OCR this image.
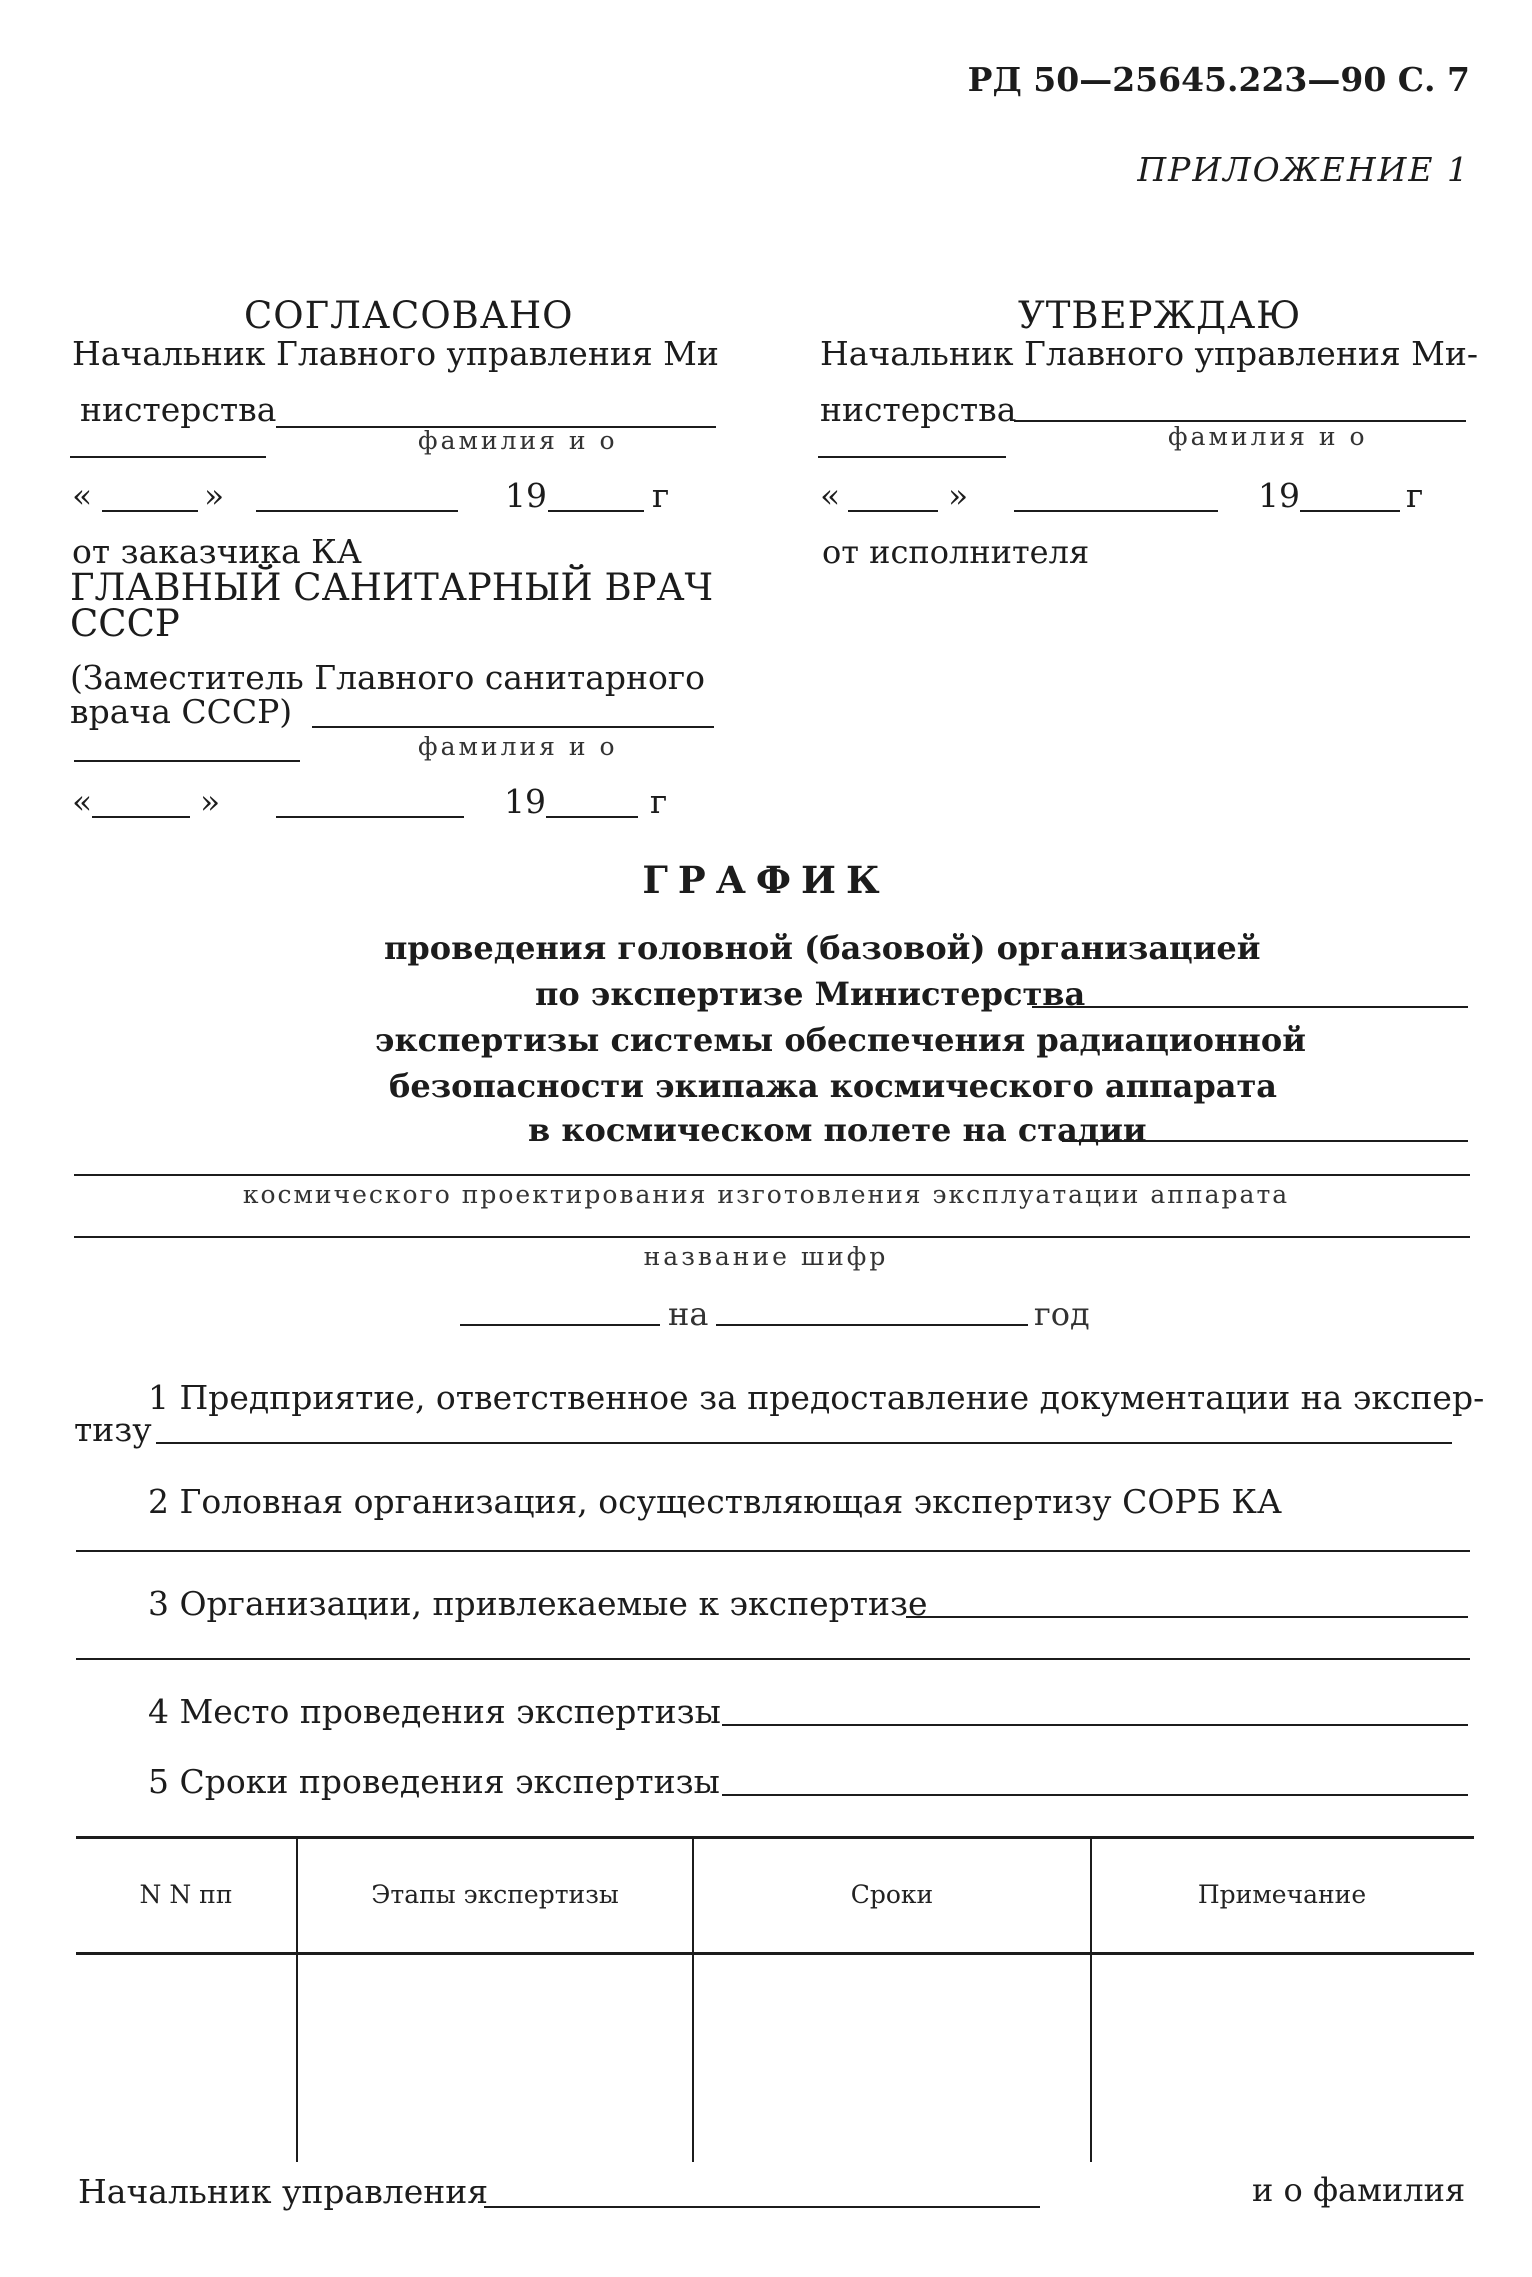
РД 50—25645.223—90 С. 7
ПРИЛОЖЕНИЕ 1
СОГЛАСОВАНО
Начальник Главного управления Ми
нистерства
фамилия и о
«	»	19	г
от заказчика КА
УТВЕРЖДАЮ
Начальник Главного управления Ми-
нистерства
фамилия и о
«	»	19	г
от исполнителя
ГЛАВНЫЙ САНИТАРНЫЙ ВРАЧ
СССР
(Заместитель Главного санитарного
врача СССР)
фамилия и о
«	»	19	г
ГРАФИК
проведения головной (базовой) организацией
по экспертизе Министерства
экспертизы системы обеспечения радиационной
безопасности экипажа космического аппарата
в космическом полете на стадии
космического проектирования изготовления эксплуатации аппарата
название шифр
на	год
1 Предприятие, ответственное за предоставление документации на экспер-
тизу
2 Головная организация, осуществляющая экспертизу СОРБ КА
3 Организации, привлекаемые к экспертизе
4 Место проведения экспертизы
5 Сроки проведения экспертизы
N N пп	Этапы экспертизы	Сроки	Примечание
Начальник управления	и о фамилия
